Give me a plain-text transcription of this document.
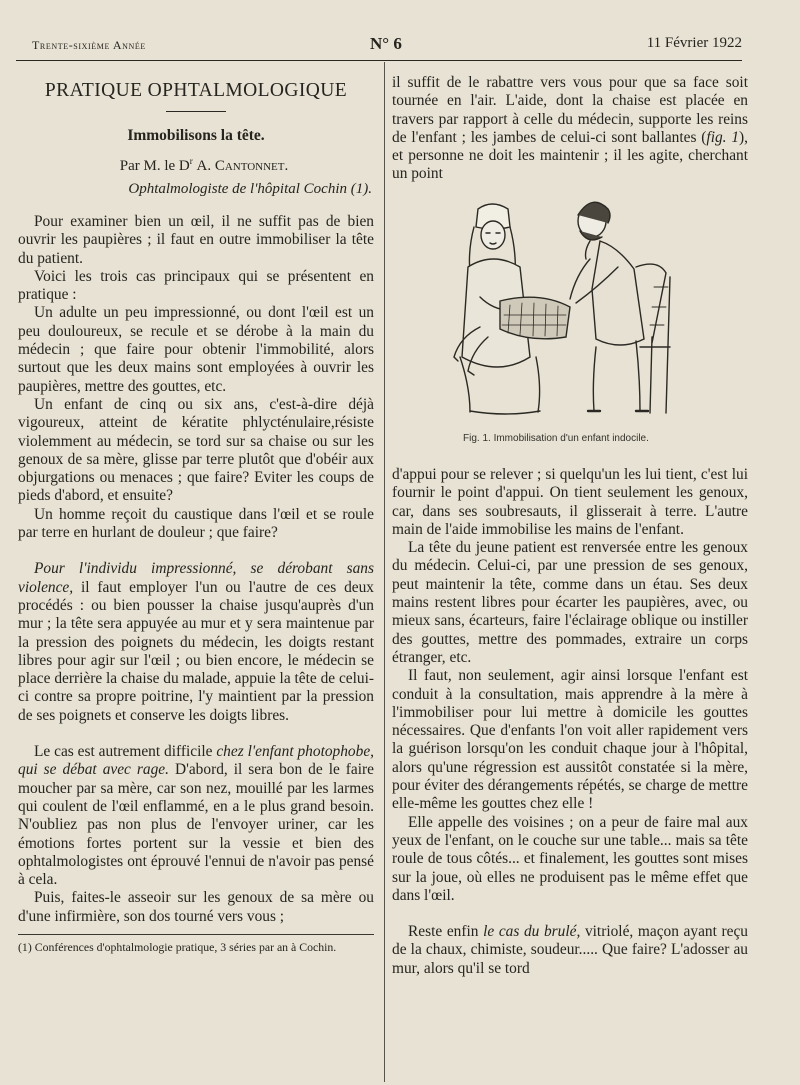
Trente-sixième Année	N° 6	11 Février 1922
PRATIQUE OPHTALMOLOGIQUE
Immobilisons la tête.
Par M. le $D^r$ A. Cantonnet.
Ophtalmologiste de l'hôpital Cochin (1).

Pour examiner bien un œil, il ne suffit pas de bien ouvrir les paupières ; il faut en outre immobiliser la tête du patient.

Voici les trois cas principaux qui se présentent en pratique :

Un adulte un peu impressionné, ou dont l'œil est un peu douloureux, se recule et se dérobe à la main du médecin ; que faire pour obtenir l'immobilité, alors surtout que les deux mains sont employées à ouvrir les paupières, mettre des gouttes, etc.

Un enfant de cinq ou six ans, c'est-à-dire déjà vigoureux, atteint de kératite phlycténulaire,résiste violemment au médecin, se tord sur sa chaise ou sur les genoux de sa mère, glisse par terre plutôt que d'obéir aux objurgations ou menaces ; que faire? Eviter les coups de pieds d'abord, et ensuite?

Un homme reçoit du caustique dans l'œil et se roule par terre en hurlant de douleur ; que faire?

Pour l'individu impressionné, se dérobant sans violence, il faut employer l'un ou l'autre de ces deux procédés : ou bien pousser la chaise jusqu'auprès d'un mur ; la tête sera appuyée au mur et y sera maintenue par la pression des poignets du médecin, les doigts restant libres pour agir sur l'œil ; ou bien encore, le médecin se place derrière la chaise du malade, appuie la tête de celui-ci contre sa propre poitrine, l'y maintient par la pression de ses poignets et conserve les doigts libres.

Le cas est autrement difficile chez l'enfant photophobe, qui se débat avec rage. D'abord, il sera bon de le faire moucher par sa mère, car son nez, mouillé par les larmes qui coulent de l'œil enflammé, en a le plus grand besoin. N'oubliez pas non plus de l'envoyer uriner, car les émotions fortes portent sur la vessie et bien des ophtalmologistes ont éprouvé l'ennui de n'avoir pas pensé à cela.

Puis, faites-le asseoir sur les genoux de sa mère ou d'une infirmière, son dos tourné vers vous ;

(1) Conférences d'ophtalmologie pratique, 3 séries par an à Cochin.

il suffit de le rabattre vers vous pour que sa face soit tournée en l'air. L'aide, dont la chaise est placée en travers par rapport à celle du médecin, supporte les reins de l'enfant ; les jambes de celui-ci sont ballantes (fig. 1), et personne ne doit les maintenir ; il les agite, cherchant un point

Fig. 1. Immobilisation d'un enfant indocile.

d'appui pour se relever ; si quelqu'un les lui tient, c'est lui fournir le point d'appui. On tient seulement les genoux, car, dans ses soubresauts, il glisserait à terre. L'autre main de l'aide immobilise les mains de l'enfant.

La tête du jeune patient est renversée entre les genoux du médecin. Celui-ci, par une pression de ses genoux, peut maintenir la tête, comme dans un étau. Ses deux mains restent libres pour écarter les paupières, avec, ou mieux sans, écarteurs, faire l'éclairage oblique ou instiller des gouttes, mettre des pommades, extraire un corps étranger, etc.

Il faut, non seulement, agir ainsi lorsque l'enfant est conduit à la consultation, mais apprendre à la mère à l'immobiliser pour lui mettre à domicile les gouttes nécessaires. Que d'enfants l'on voit aller rapidement vers la guérison lorsqu'on les conduit chaque jour à l'hôpital, alors qu'une régression est aussitôt constatée si la mère, pour éviter des dérangements répétés, se charge de mettre elle-même les gouttes chez elle !

Elle appelle des voisines ; on a peur de faire mal aux yeux de l'enfant, on le couche sur une table... mais sa tête roule de tous côtés... et finalement, les gouttes sont mises sur la joue, où elles ne produisent pas le même effet que dans l'œil.

Reste enfin le cas du brulé, vitriolé, maçon ayant reçu de la chaux, chimiste, soudeur..... Que faire? L'adosser au mur, alors qu'il se tord
